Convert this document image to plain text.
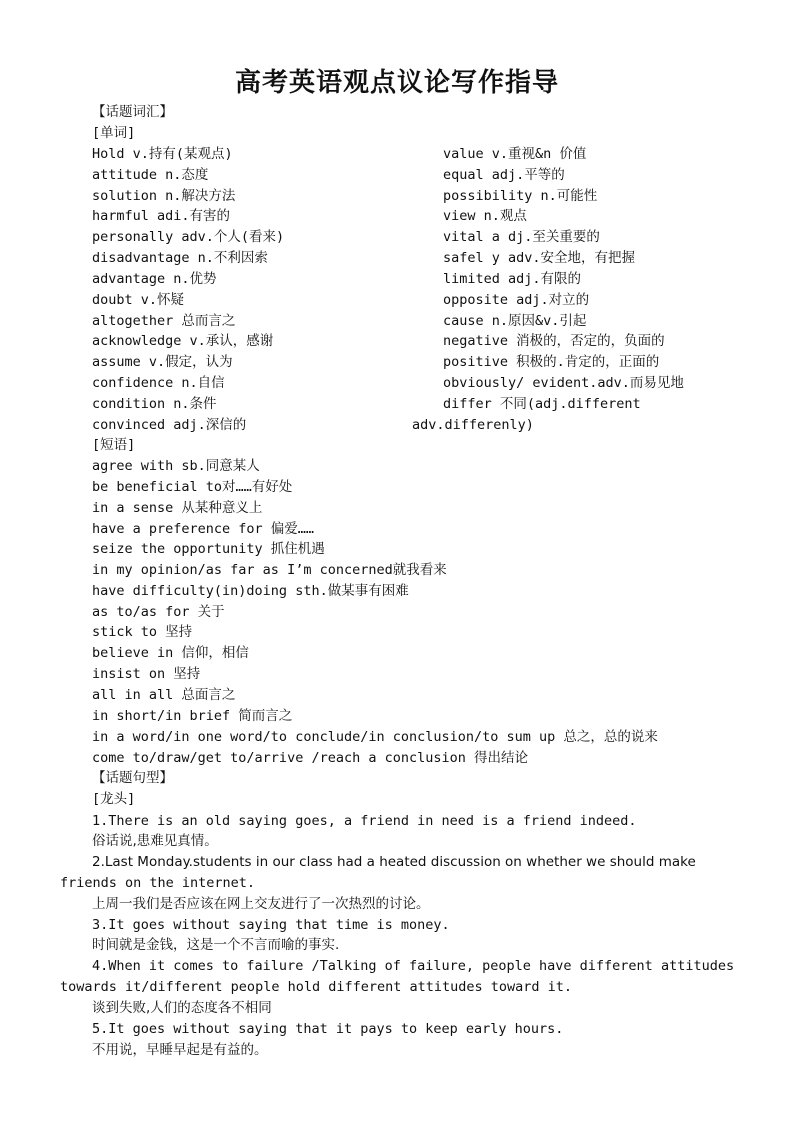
高考英语观点议论写作指导
【话题词汇】
[单词]
Hold v.持有(某观点)
attitude n.态度
solution n.解决方法
harmful adi.有害的
personally adv.个人(看来)
disadvantage n.不利因索
advantage n.优势
doubt v.怀疑
altogether 总而言之
acknowledge v.承认，感谢
assume v.假定，认为
confidence n.自信
condition n.条件
convinced adj.深信的
value v.重视&n 价值
equal adj.平等的
possibility n.可能性
view n.观点
vital a dj.至关重要的
safel y adv.安全地，有把握
limited adj.有限的
opposite adj.对立的
cause n.原因&v.引起
negative 消极的，否定的，负面的
positive 积极的.肯定的，正面的
obviously/ evident.adv.而易见地
differ 不同(adj.different
adv.differenly)
[短语]
agree with sb.同意某人
be beneficial to对……有好处
in a sense 从某种意义上
have a preference for 偏爱……
seize the opportunity 抓住机遇
in my opinion/as far as I’m concerned就我看来
have difficulty(in)doing sth.做某事有困难
as to/as for 关于
stick to 坚持
believe in 信仰，相信
insist on 坚持
all in all 总面言之
in short/in brief 简而言之
in a word/in one word/to conclude/in conclusion/to sum up 总之，总的说来
come to/draw/get to/arrive /reach a conclusion 得出结论
【话题句型】
[龙头]
1.There is an old saying goes, a friend in need is a friend indeed.
俗话说,患难见真情。
2.Last Monday.students in our class had a heated discussion on whether we should make
friends on the internet.
上周一我们是否应该在网上交友进行了一次热烈的讨论。
3.It goes without saying that time is money.
时间就是金钱，这是一个不言而喻的事实.
4.When it comes to failure /Talking of failure, people have different attitudes
towards it/different people hold different attitudes toward it.
谈到失败,人们的态度各不相同
5.It goes without saying that it pays to keep early hours.
不用说，早睡早起是有益的。
